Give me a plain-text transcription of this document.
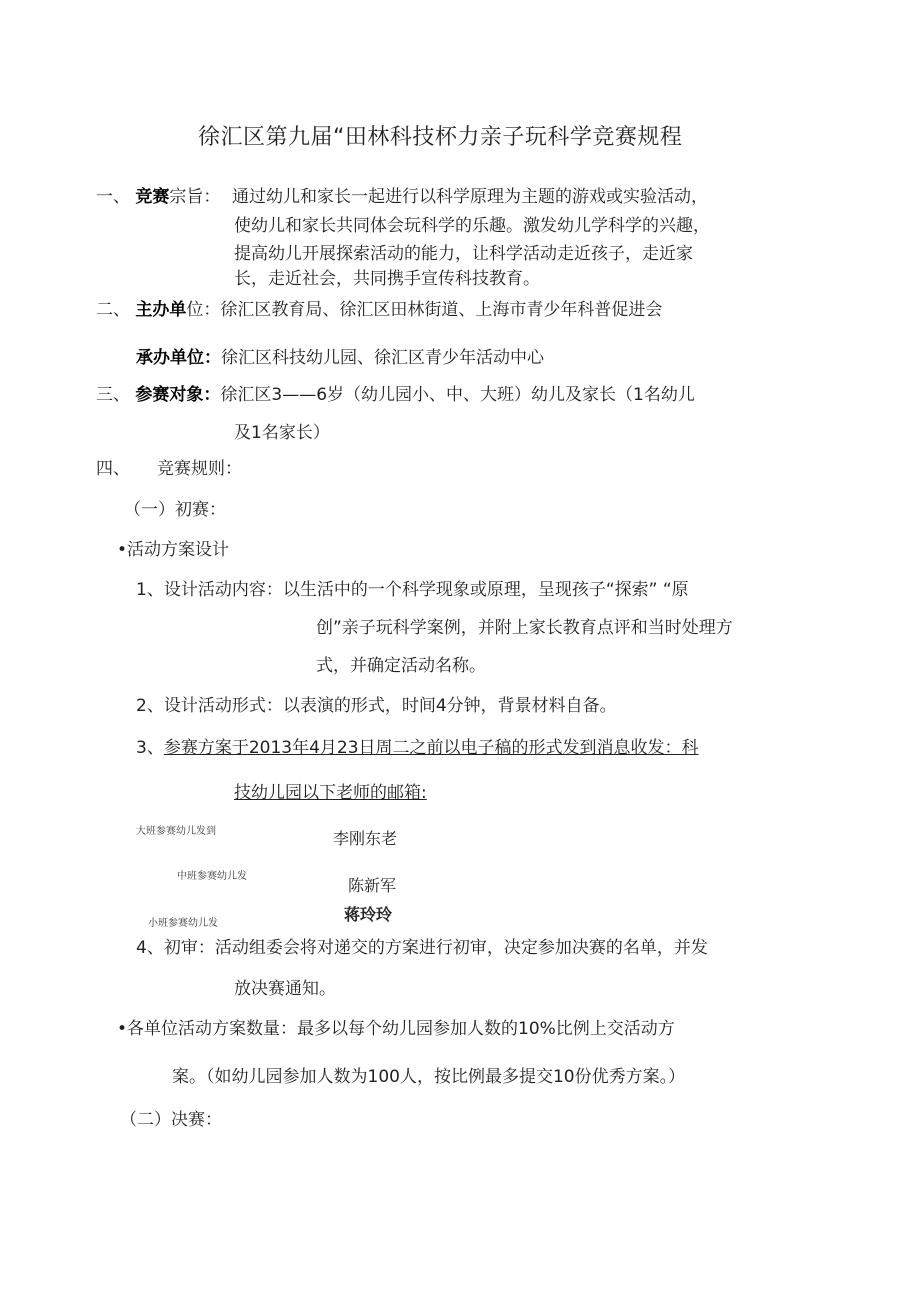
徐汇区第九届“田林科技杯力亲子玩科学竞赛规程
一、 竞赛宗旨： 通过幼儿和家长一起进行以科学原理为主题的游戏或实验活动，
使幼儿和家长共同体会玩科学的乐趣。激发幼儿学科学的兴趣，
提高幼儿开展探索活动的能力，让科学活动走近孩子，走近家
长，走近社会，共同携手宣传科技教育。
二、 主办单位：徐汇区教育局、徐汇区田林街道、上海市青少年科普促进会
承办单位：徐汇区科技幼儿园、徐汇区青少年活动中心
三、 参赛对象：徐汇区3——6岁（幼儿园小、中、大班）幼儿及家长（1名幼儿
及1名家长）
四、 竞赛规则：
（一）初赛：
•活动方案设计
1、设计活动内容：以生活中的一个科学现象或原理，呈现孩子“探索” “原
创”亲子玩科学案例，并附上家长教育点评和当时处理方
式，并确定活动名称。
2、设计活动形式：以表演的形式，时间4分钟，背景材料自备。
3、参赛方案于2013年4月23日周二之前以电子稿的形式发到消息收发：科
技幼儿园以下老师的邮箱:
大班参赛幼儿发到	李刚东老
中班参赛幼儿发	陈新军
小班参赛幼儿发	蒋玲玲
4、初审：活动组委会将对递交的方案进行初审，决定参加决赛的名单，并发
放决赛通知。
•各单位活动方案数量：最多以每个幼儿园参加人数的10%比例上交活动方
案。（如幼儿园参加人数为100人，按比例最多提交10份优秀方案。）
（二）决赛：
